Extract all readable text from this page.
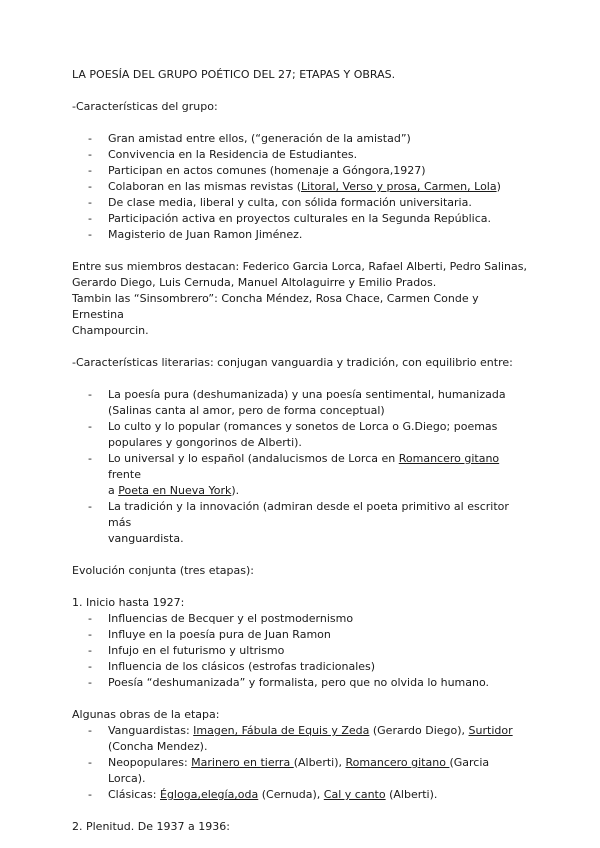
LA POESÍA DEL GRUPO POÉTICO DEL 27; ETAPAS Y OBRAS.

-Características del grupo:

- Gran amistad entre ellos, (“generación de la amistad”)
- Convivencia en la Residencia de Estudiantes.
- Participan en actos comunes (homenaje a Góngora,1927)
- Colaboran en las mismas revistas (Litoral, Verso y prosa, Carmen, Lola)
- De clase media, liberal y culta, con sólida formación universitaria.
- Participación activa en proyectos culturales en la Segunda República.
- Magisterio de Juan Ramon Jiménez.

Entre sus miembros destacan: Federico Garcia Lorca, Rafael Alberti, Pedro Salinas,
Gerardo Diego, Luis Cernuda, Manuel Altolaguirre y Emilio Prados.
Tambin las “Sinsombrero”: Concha Méndez, Rosa Chace, Carmen Conde y Ernestina
Champourcin.

-Características literarias: conjugan vanguardia y tradición, con equilibrio entre:

- La poesía pura (deshumanizada) y una poesía sentimental, humanizada
(Salinas canta al amor, pero de forma conceptual)
- Lo culto y lo popular (romances y sonetos de Lorca o G.Diego; poemas
populares y gongorinos de Alberti).
- Lo universal y lo español (andalucismos de Lorca en Romancero gitano frente
a Poeta en Nueva York).
- La tradición y la innovación (admiran desde el poeta primitivo al escritor más
vanguardista.

Evolución conjunta (tres etapas):

1. Inicio hasta 1927:

- Influencias de Becquer y el postmodernismo
- Influye en la poesía pura de Juan Ramon
- Infujo en el futurismo y ultrismo
- Influencia de los clásicos (estrofas tradicionales)
- Poesía “deshumanizada” y formalista, pero que no olvida lo humano.

Algunas obras de la etapa:

- Vanguardistas: Imagen, Fábula de Equis y Zeda (Gerardo Diego), Surtidor
(Concha Mendez).
- Neopopulares: Marinero en tierra (Alberti), Romancero gitano (Garcia Lorca).
- Clásicas: Égloga,elegía,oda (Cernuda), Cal y canto (Alberti).

2. Plenitud. De 1937 a 1936:
